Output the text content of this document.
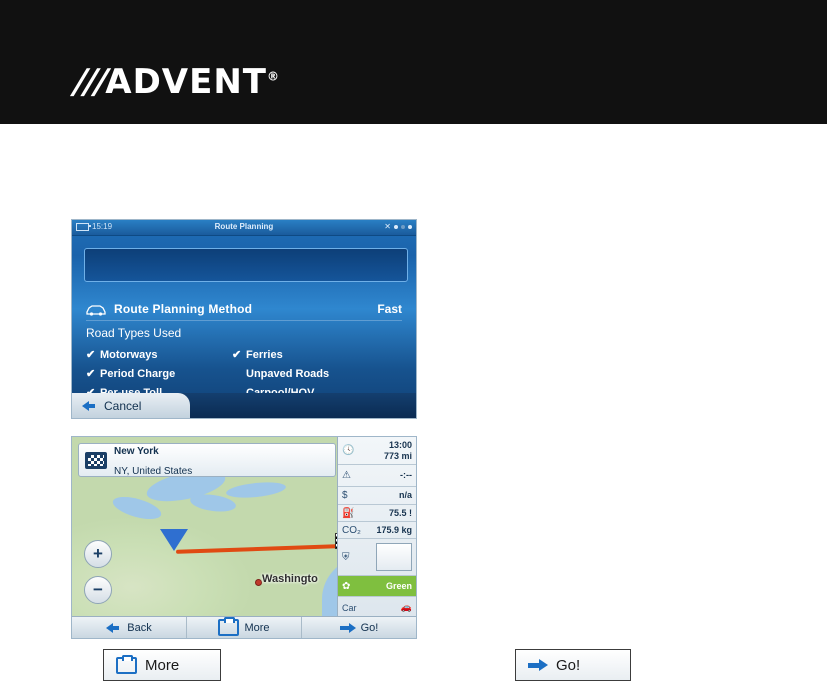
///ADVENT®
15:19	Route Planning	✕
Route Planning Method	Fast
Road Types Used
✔ Motorways	✔ Ferries
✔ Period Charge	Unpaved Roads
Cancel
Washingto
New York
NY, United States
🕓	13:00
773 mi
⚠	-:--
$	n/a
⛽	75.5 !
CO₂ 175.9 kg
⛨
✿	Green
Car	🚗
+
−
Back	More	Go!
More	Go!
